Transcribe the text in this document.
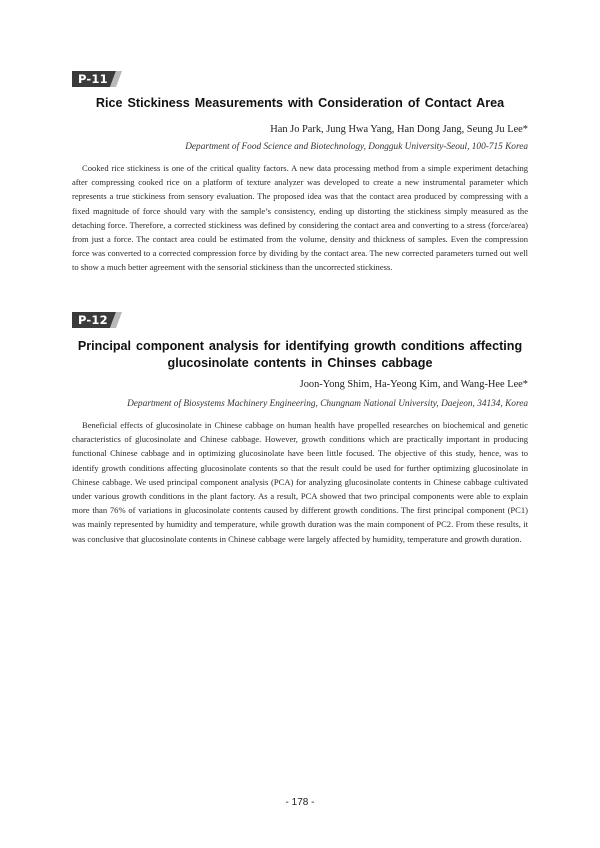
P-11
Rice Stickiness Measurements with Consideration of Contact Area
Han Jo Park, Jung Hwa Yang, Han Dong Jang, Seung Ju Lee*
Department of Food Science and Biotechnology, Dongguk University-Seoul, 100-715 Korea
Cooked rice stickiness is one of the critical quality factors. A new data processing method from a simple experiment detaching after compressing cooked rice on a platform of texture analyzer was developed to create a new instrumental parameter which represents a true stickiness from sensory evaluation. The proposed idea was that the contact area produced by compressing with a fixed magnitude of force should vary with the sample’s consistency, ending up distorting the stickiness simply measured as the detaching force. Therefore, a corrected stickiness was defined by considering the contact area and converting to a stress (force/area) from just a force. The contact area could be estimated from the volume, density and thickness of samples. Even the compression force was converted to a corrected compression force by dividing by the contact area. The new corrected parameters turned out well to show a much better agreement with the sensorial stickiness than the uncorrected stickiness.
P-12
Principal component analysis for identifying growth conditions affecting
glucosinolate contents in Chinses cabbage
Joon-Yong Shim, Ha-Yeong Kim, and Wang-Hee Lee*
Department of Biosystems Machinery Engineering, Chungnam National University, Daejeon, 34134, Korea
Beneficial effects of glucosinolate in Chinese cabbage on human health have propelled researches on biochemical and genetic characteristics of glucosinolate and Chinese cabbage. However, growth conditions which are practically important in producing functional Chinese cabbage and in optimizing glucosinolate have been little focused. The objective of this study, hence, was to identify growth conditions affecting glucosinolate contents so that the result could be used for further optimizing glucosinolate in Chinese cabbage. We used principal component analysis (PCA) for analyzing glucosinolate contents in Chinese cabbage cultivated under various growth conditions in the plant factory. As a result, PCA showed that two principal components were able to explain more than 76% of variations in glucosinolate contents caused by different growth conditions. The first principal component (PC1) was mainly represented by humidity and temperature, while growth duration was the main component of PC2. From these results, it was conclusive that glucosinolate contents in Chinese cabbage were largely affected by humidity, temperature and growth duration.
- 178 -
